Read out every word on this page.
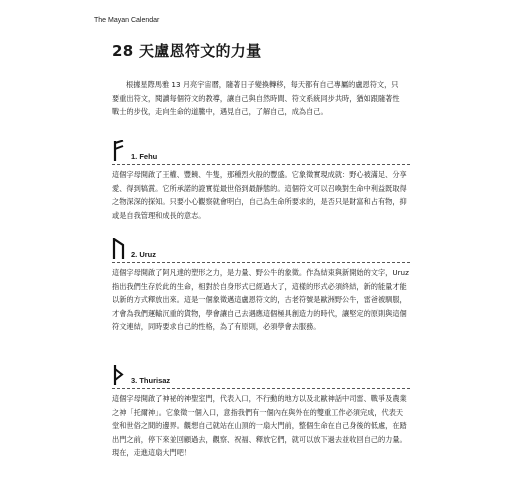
The Mayan Calendar
28 天盧恩符文的力量

根據星際馬雅 13 月亮宇宙曆，隨著日子變換轉移，每天都有自己專屬的盧恩符文，只要重出符文，閱讀每個符文的教導，讓自己與自然時間、符文系統同步共時，猶如跟隨著性戰士的步伐，走向生命的道騰中，遇見自己，了解自己，成為自己。

1. Fehu

這個字母開啟了王權、豐饒、牛隻，那種烈火般的豐盛。它象徵實現成就：野心被滿足、分享愛、得到犒賞。它所承諾的證實從最世俗到最靜態的。這個符文可以召喚對生命中利益既取得之物深深的探知。只要小心觀察就會明白，自己為生命所要求的，是否只是財富和占有物，抑或是自我管理和成長的意志。

2. Uruz

這個字母開啟了阿凡達的塑形之力，是力量、野公牛的象徵。作為結束與新開始的文字，Uruz 指出我們生存於此的生命，相對於自身形式已經過大了，這樣的形式必須終結，新的能量才能以新的方式釋放出來。這是一個象徵邁這盧恩符文的，古老符號是歐洲野公牛，雷爸被馴服，才會為我們運輸沉重的貨物，學會讓自己去遇應這個極具創造力的時代，讓堅定的原則與這個符文連結，同時要求自己的性格，為了有原則，必須學會去服務。

3. Thurisaz

這個字母開啟了神祕的神聖室門，代表入口，不行動的地方以及北歐神話中司雷、戰爭及農業之神「托爾神」。它象徵一個入口，意指我們有一個內在與外在的雙重工作必須完成，代表天堂和世俗之間的邊界。觀想自己就站在山頂的一扇大門前，整個生命在自己身後的低處，在踏出門之前，停下來並回顧過去，觀察、祝福、釋放它們，就可以放下過去並收回自己的力量。現在，走進這扇大門吧！
